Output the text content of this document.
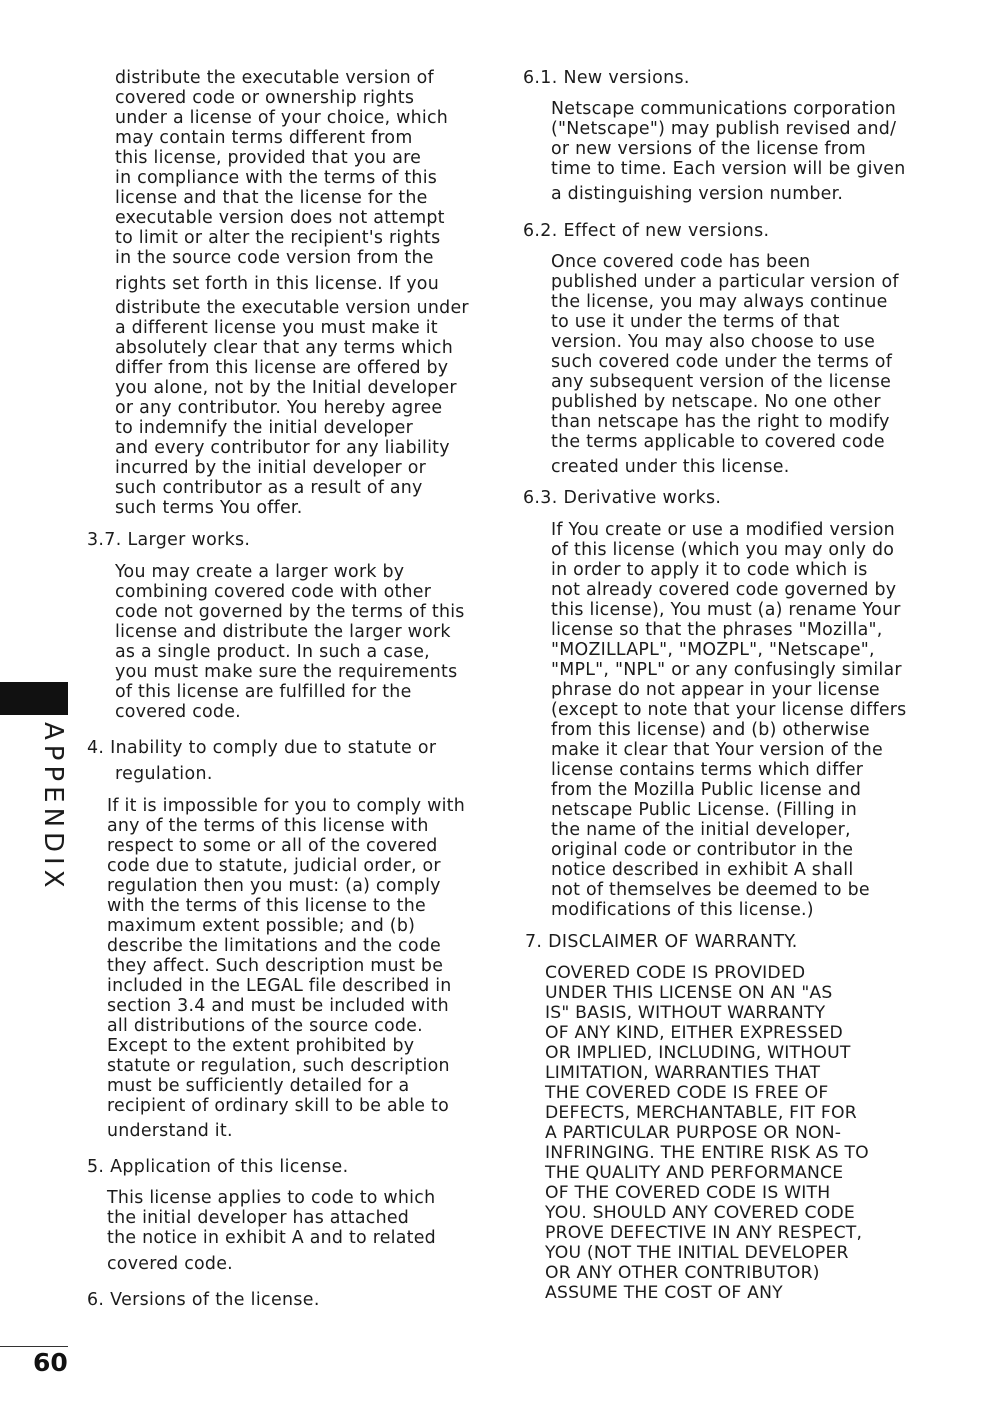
APPENDIX
60
distribute the executable version of
covered code or ownership rights
under a license of your choice, which
may contain terms different from
this license, provided that you are
in compliance with the terms of this
license and that the license for the
executable version does not attempt
to limit or alter the recipient's rights
in the source code version from the
rights set forth in this license. If you
distribute the executable version under
a different license you must make it
absolutely clear that any terms which
differ from this license are offered by
you alone, not by the Initial developer
or any contributor. You hereby agree
to indemnify the initial developer
and every contributor for any liability
incurred by the initial developer or
such contributor as a result of any
such terms You offer.
3.7. Larger works.
You may create a larger work by
combining covered code with other
code not governed by the terms of this
license and distribute the larger work
as a single product. In such a case,
you must make sure the requirements
of this license are fulfilled for the
covered code.
4. Inability to comply due to statute or
regulation.
If it is impossible for you to comply with
any of the terms of this license with
respect to some or all of the covered
code due to statute, judicial order, or
regulation then you must: (a) comply
with the terms of this license to the
maximum extent possible; and (b)
describe the limitations and the code
they affect. Such description must be
included in the LEGAL file described in
section 3.4 and must be included with
all distributions of the source code.
Except to the extent prohibited by
statute or regulation, such description
must be sufficiently detailed for a
recipient of ordinary skill to be able to
understand it.
5. Application of this license.
This license applies to code to which
the initial developer has attached
the notice in exhibit A and to related
covered code.
6. Versions of the license.
6.1. New versions.
Netscape communications corporation
("Netscape") may publish revised and/
or new versions of the license from
time to time. Each version will be given
a distinguishing version number.
6.2. Effect of new versions.
Once covered code has been
published under a particular version of
the license, you may always continue
to use it under the terms of that
version. You may also choose to use
such covered code under the terms of
any subsequent version of the license
published by netscape. No one other
than netscape has the right to modify
the terms applicable to covered code
created under this license.
6.3. Derivative works.
If You create or use a modified version
of this license (which you may only do
in order to apply it to code which is
not already covered code governed by
this license), You must (a) rename Your
license so that the phrases "Mozilla",
"MOZILLAPL", "MOZPL", "Netscape",
"MPL", "NPL" or any confusingly similar
phrase do not appear in your license
(except to note that your license differs
from this license) and (b) otherwise
make it clear that Your version of the
license contains terms which differ
from the Mozilla Public license and
netscape Public License. (Filling in
the name of the initial developer,
original code or contributor in the
notice described in exhibit A shall
not of themselves be deemed to be
modifications of this license.)
7. DISCLAIMER OF WARRANTY.
COVERED CODE IS PROVIDED
UNDER THIS LICENSE ON AN "AS
IS" BASIS, WITHOUT WARRANTY
OF ANY KIND, EITHER EXPRESSED
OR IMPLIED, INCLUDING, WITHOUT
LIMITATION, WARRANTIES THAT
THE COVERED CODE IS FREE OF
DEFECTS, MERCHANTABLE, FIT FOR
A PARTICULAR PURPOSE OR NON-
INFRINGING. THE ENTIRE RISK AS TO
THE QUALITY AND PERFORMANCE
OF THE COVERED CODE IS WITH
YOU. SHOULD ANY COVERED CODE
PROVE DEFECTIVE IN ANY RESPECT,
YOU (NOT THE INITIAL DEVELOPER
OR ANY OTHER CONTRIBUTOR)
ASSUME THE COST OF ANY
